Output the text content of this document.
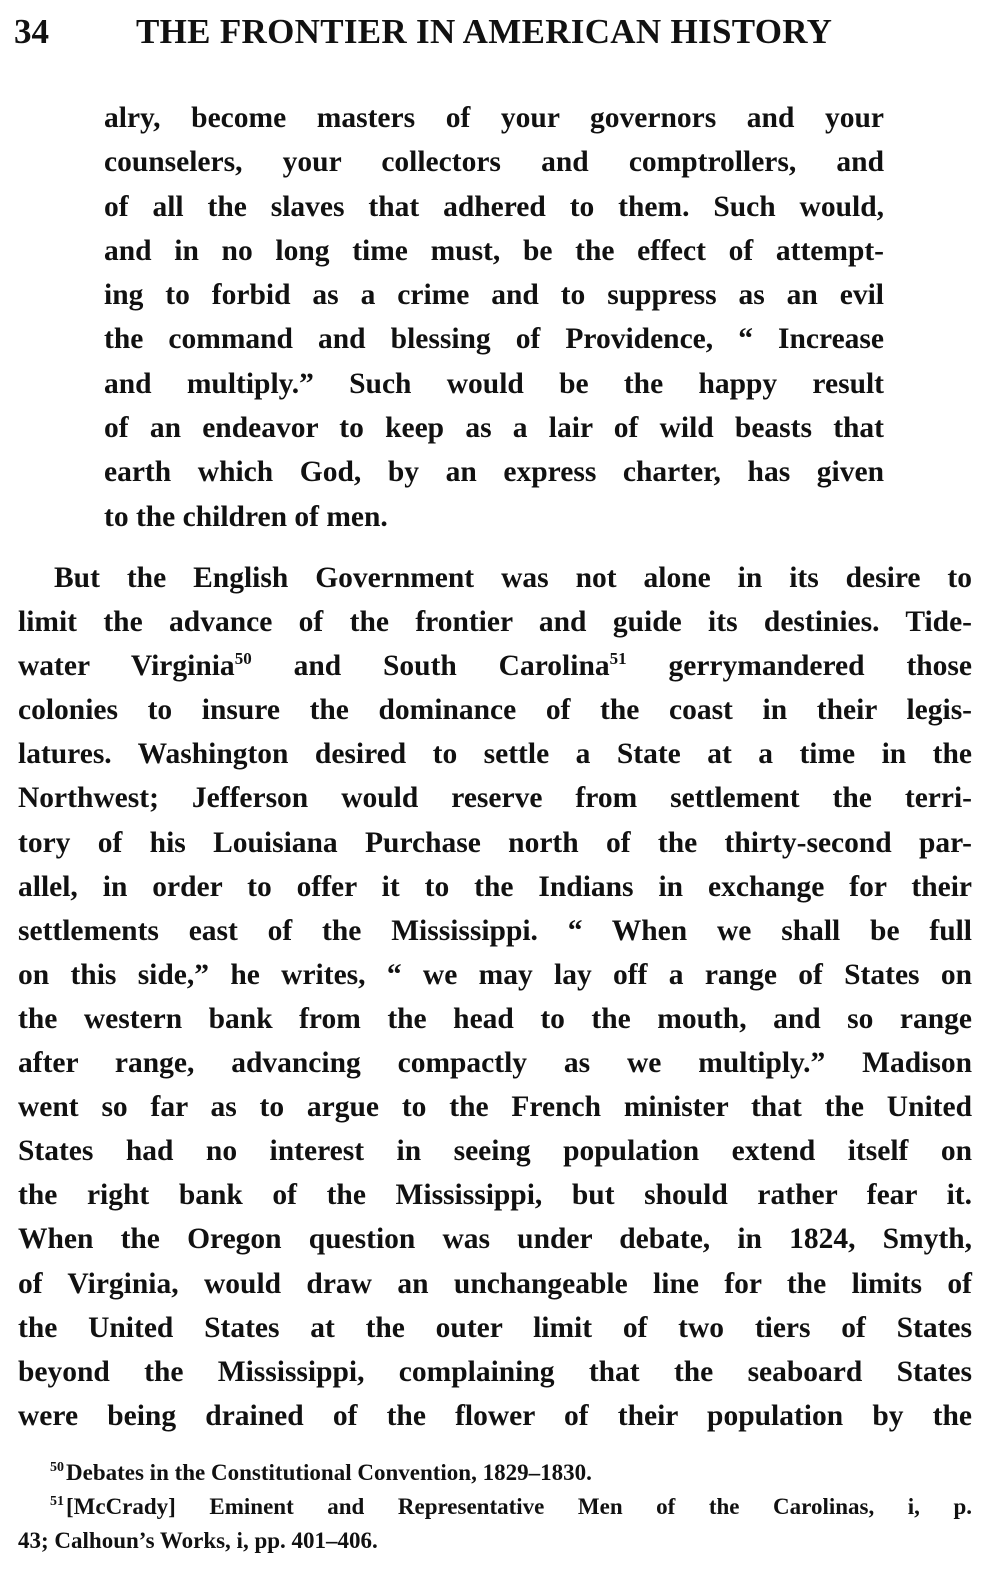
34 THE FRONTIER IN AMERICAN HISTORY
alry, become masters of your governors and your
counselers, your collectors and comptrollers, and
of all the slaves that adhered to them. Such would,
and in no long time must, be the effect of attempt-
ing to forbid as a crime and to suppress as an evil
the command and blessing of Providence, “ Increase
and multiply.” Such would be the happy result
of an endeavor to keep as a lair of wild beasts that
earth which God, by an express charter, has given
to the children of men.
But the English Government was not alone in its desire to
limit the advance of the frontier and guide its destinies. Tide-
water Virginia$^{50}$ and South Carolina$^{51}$ gerrymandered those
colonies to insure the dominance of the coast in their legis-
latures. Washington desired to settle a State at a time in the
Northwest; Jefferson would reserve from settlement the terri-
tory of his Louisiana Purchase north of the thirty-second par-
allel, in order to offer it to the Indians in exchange for their
settlements east of the Mississippi. “ When we shall be full
on this side,” he writes, “ we may lay off a range of States on
the western bank from the head to the mouth, and so range
after range, advancing compactly as we multiply.” Madison
went so far as to argue to the French minister that the United
States had no interest in seeing population extend itself on
the right bank of the Mississippi, but should rather fear it.
When the Oregon question was under debate, in 1824, Smyth,
of Virginia, would draw an unchangeable line for the limits of
the United States at the outer limit of two tiers of States
beyond the Mississippi, complaining that the seaboard States
were being drained of the flower of their population by the
$^{50}$Debates in the Constitutional Convention, 1829–1830.
$^{51}$[McCrady] Eminent and Representative Men of the Carolinas, i, p.
43; Calhoun’s Works, i, pp. 401–406.
